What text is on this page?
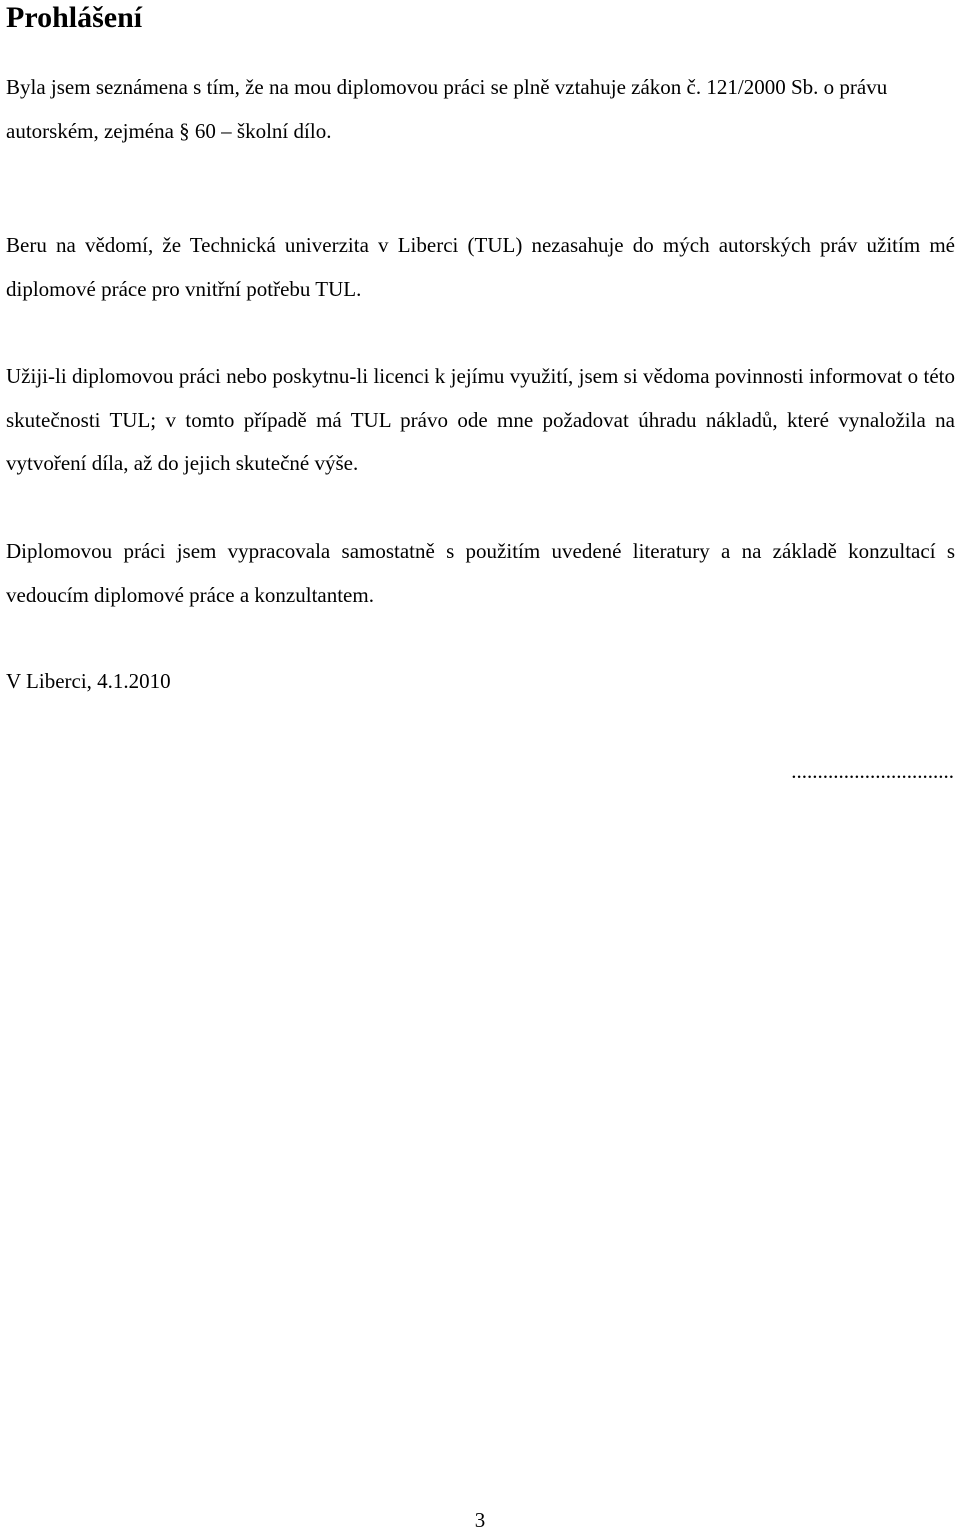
Prohlášení

Byla jsem seznámena s tím, že na mou diplomovou práci se plně vztahuje zákon č. 121/2000 Sb. o právu autorském, zejména § 60 – školní dílo.

Beru na vědomí, že Technická univerzita v Liberci (TUL) nezasahuje do mých autorských práv užitím mé diplomové práce pro vnitřní potřebu TUL.

Užiji-li diplomovou práci nebo poskytnu-li licenci k jejímu využití, jsem si vědoma povinnosti informovat o této skutečnosti TUL; v tomto případě má TUL právo ode mne požadovat úhradu nákladů, které vynaložila na vytvoření díla, až do jejich skutečné výše.

Diplomovou práci jsem vypracovala samostatně s použitím uvedené literatury a na základě konzultací s vedoucím diplomové práce a konzultantem.

V Liberci, 4.1.2010

...............................

3
